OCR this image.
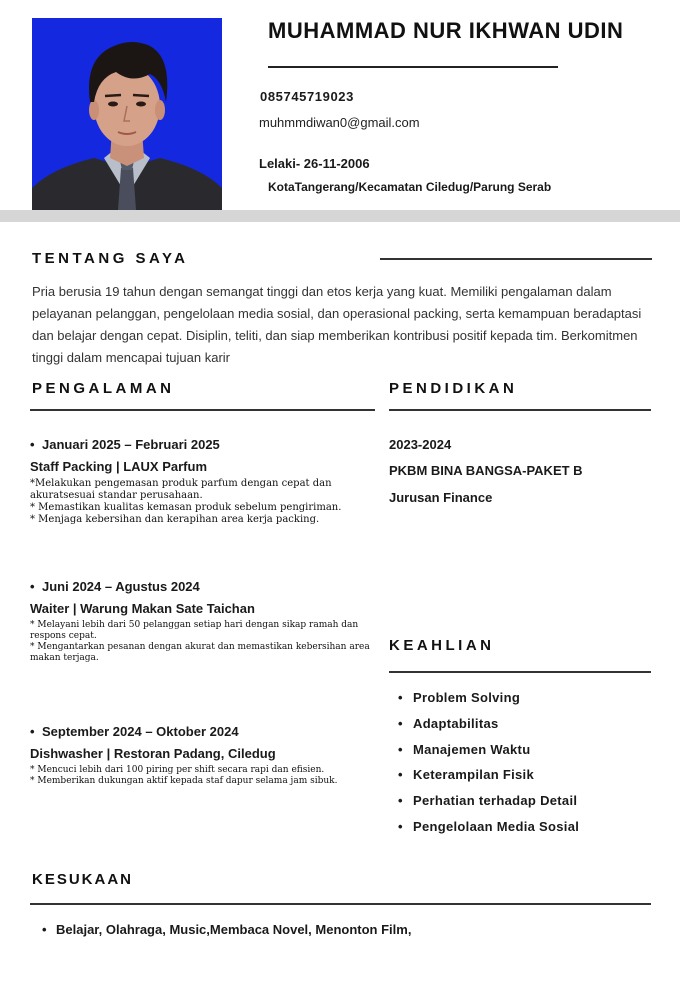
MUHAMMAD NUR IKHWAN UDIN
085745719023
muhmmdiwan0@gmail.com
Lelaki- 26-11-2006
KotaTangerang/Kecamatan Ciledug/Parung Serab
TENTANG SAYA
Pria berusia 19 tahun dengan semangat tinggi dan etos kerja yang kuat. Memiliki pengalaman dalam pelayanan pelanggan, pengelolaan media sosial, dan operasional packing, serta kemampuan beradaptasi dan belajar dengan cepat. Disiplin, teliti, dan siap memberikan kontribusi positif kepada tim. Berkomitmen tinggi dalam mencapai tujuan karir
PENGALAMAN
• Januari 2025 – Februari 2025
Staff Packing | LAUX Parfum

*Melakukan pengemasan produk parfum dengan cepat dan akuratsesuai standar perusahaan.

* Memastikan kualitas kemasan produk sebelum pengiriman.

* Menjaga kebersihan dan kerapihan area kerja packing.

• Juni 2024 – Agustus 2024
Waiter | Warung Makan Sate Taichan

* Melayani lebih dari 50 pelanggan setiap hari dengan sikap ramah dan respons cepat.

* Mengantarkan pesanan dengan akurat dan memastikan kebersihan area makan terjaga.

• September 2024 – Oktober 2024
Dishwasher | Restoran Padang, Ciledug

* Mencuci lebih dari 100 piring per shift secara rapi dan efisien.

* Memberikan dukungan aktif kepada staf dapur selama jam sibuk.

PENDIDIKAN
2023-2024
PKBM BINA BANGSA-PAKET B
Jurusan Finance
KEAHLIAN
• Problem Solving
• Adaptabilitas
• Manajemen Waktu
• Keterampilan Fisik
• Perhatian terhadap Detail
• Pengelolaan Media Sosial
KESUKAAN
• Belajar, Olahraga, Music,Membaca Novel, Menonton Film,
